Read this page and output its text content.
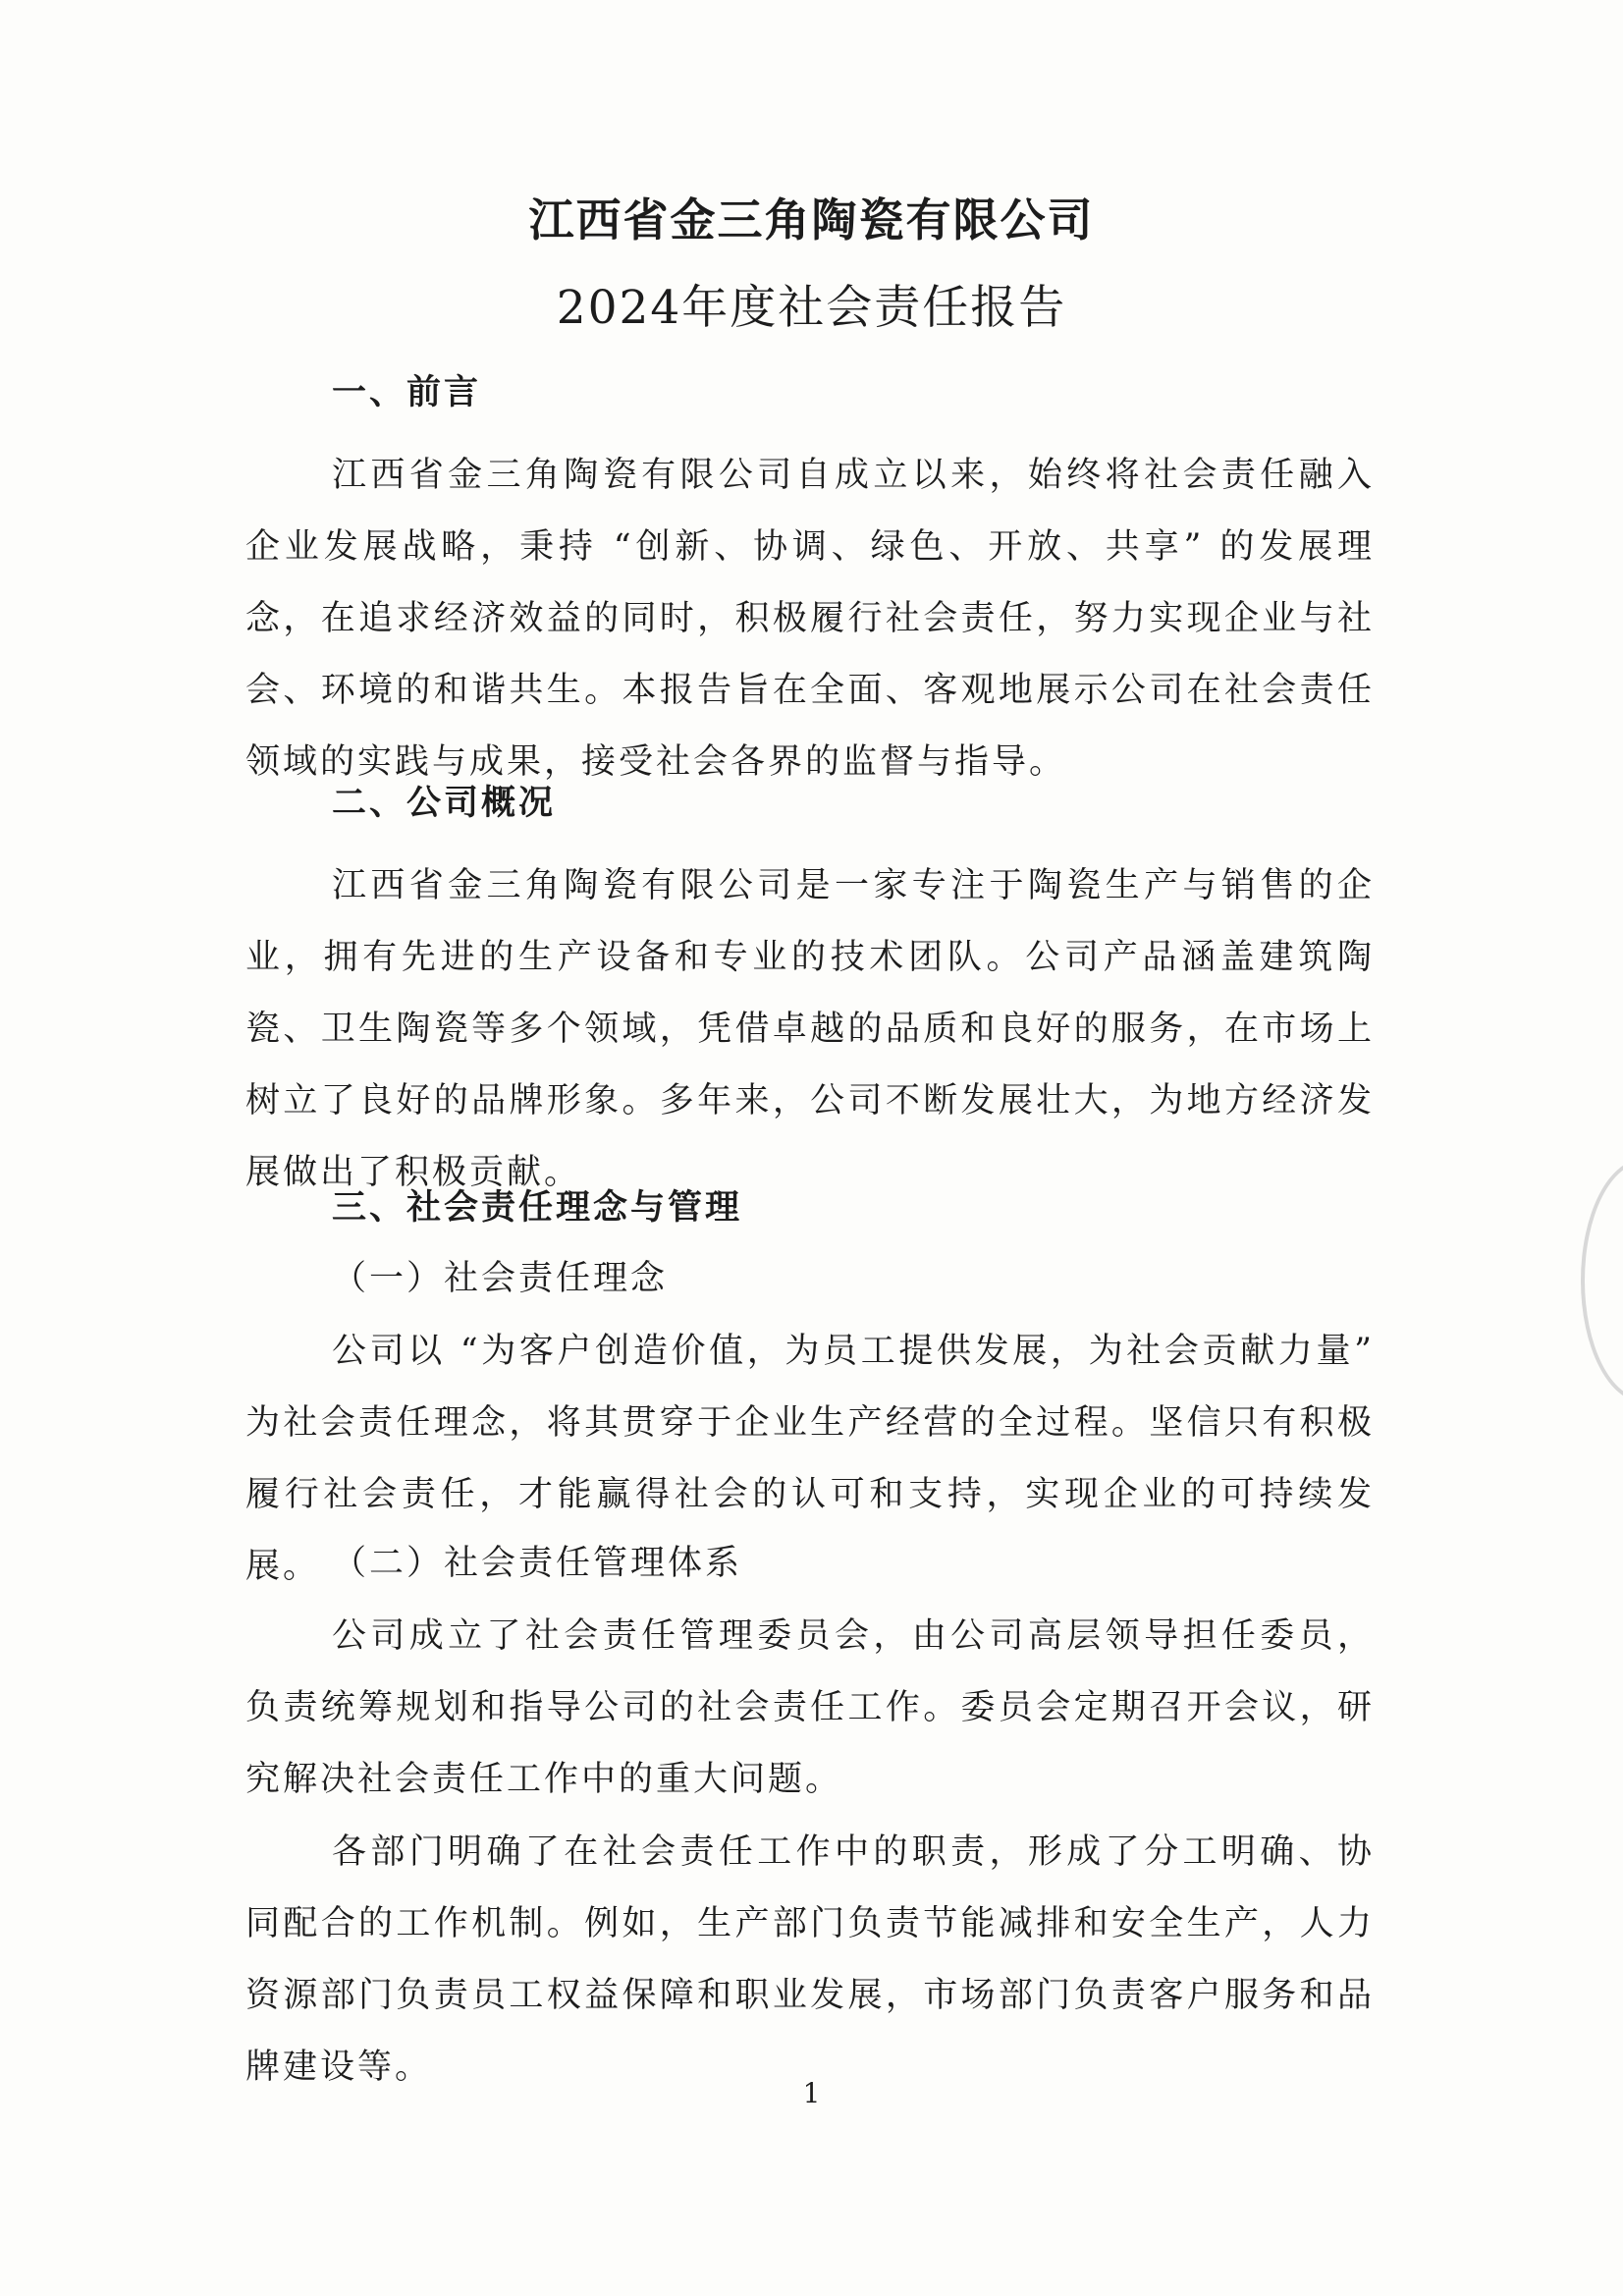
江西省金三角陶瓷有限公司
2024年度社会责任报告
一、前言

江西省金三角陶瓷有限公司自成立以来，始终将社会责任融入企业发展战略，秉持 “创新、协调、绿色、开放、共享” 的发展理念，在追求经济效益的同时，积极履行社会责任，努力实现企业与社会、环境的和谐共生。本报告旨在全面、客观地展示公司在社会责任领域的实践与成果，接受社会各界的监督与指导。

二、公司概况

江西省金三角陶瓷有限公司是一家专注于陶瓷生产与销售的企业，拥有先进的生产设备和专业的技术团队。公司产品涵盖建筑陶瓷、卫生陶瓷等多个领域，凭借卓越的品质和良好的服务，在市场上树立了良好的品牌形象。多年来，公司不断发展壮大，为地方经济发展做出了积极贡献。

三、社会责任理念与管理
（一）社会责任理念

公司以 “为客户创造价值，为员工提供发展，为社会贡献力量” 为社会责任理念，将其贯穿于企业生产经营的全过程。坚信只有积极履行社会责任，才能赢得社会的认可和支持，实现企业的可持续发展。 （二）社会责任管理体系

公司成立了社会责任管理委员会，由公司高层领导担任委员，负责统筹规划和指导公司的社会责任工作。委员会定期召开会议，研究解决社会责任工作中的重大问题。

各部门明确了在社会责任工作中的职责，形成了分工明确、协同配合的工作机制。例如，生产部门负责节能减排和安全生产，人力资源部门负责员工权益保障和职业发展，市场部门负责客户服务和品牌建设等。

1
